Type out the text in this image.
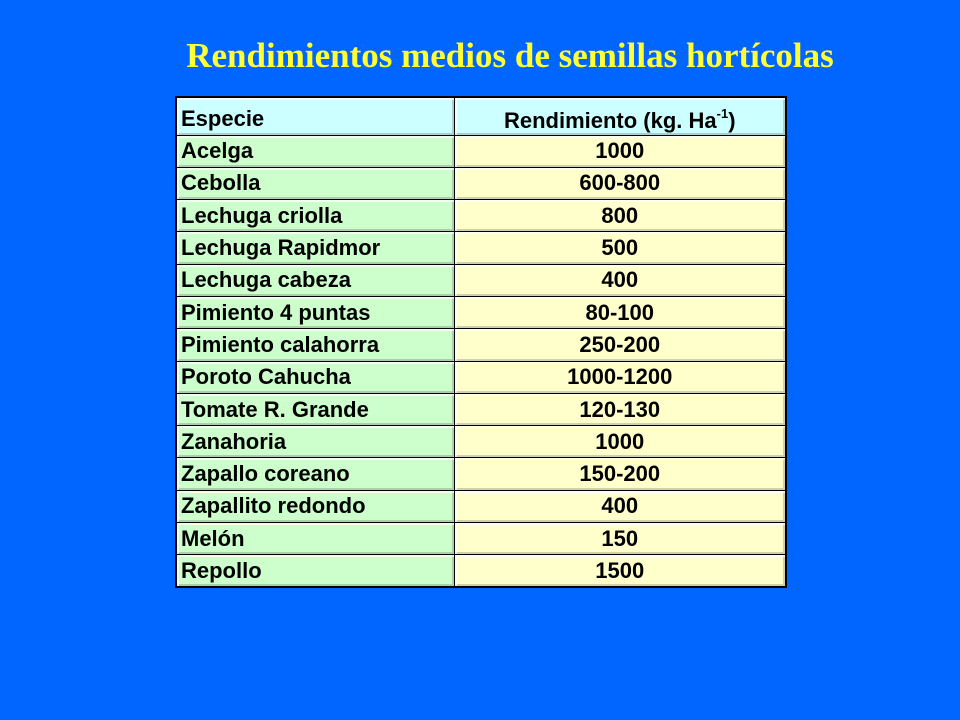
Rendimientos medios de semillas hortícolas
Especie	Rendimiento (kg. $Ha^{-1}$)
Acelga	1000
Cebolla	600-800
Lechuga criolla	800
Lechuga Rapidmor	500
Lechuga cabeza	400
Pimiento 4 puntas	80-100
Pimiento calahorra	250-200
Poroto Cahucha	1000-1200
Tomate R. Grande	120-130
Zanahoria	1000
Zapallo coreano	150-200
Zapallito redondo	400
Melón	150
Repollo	1500
